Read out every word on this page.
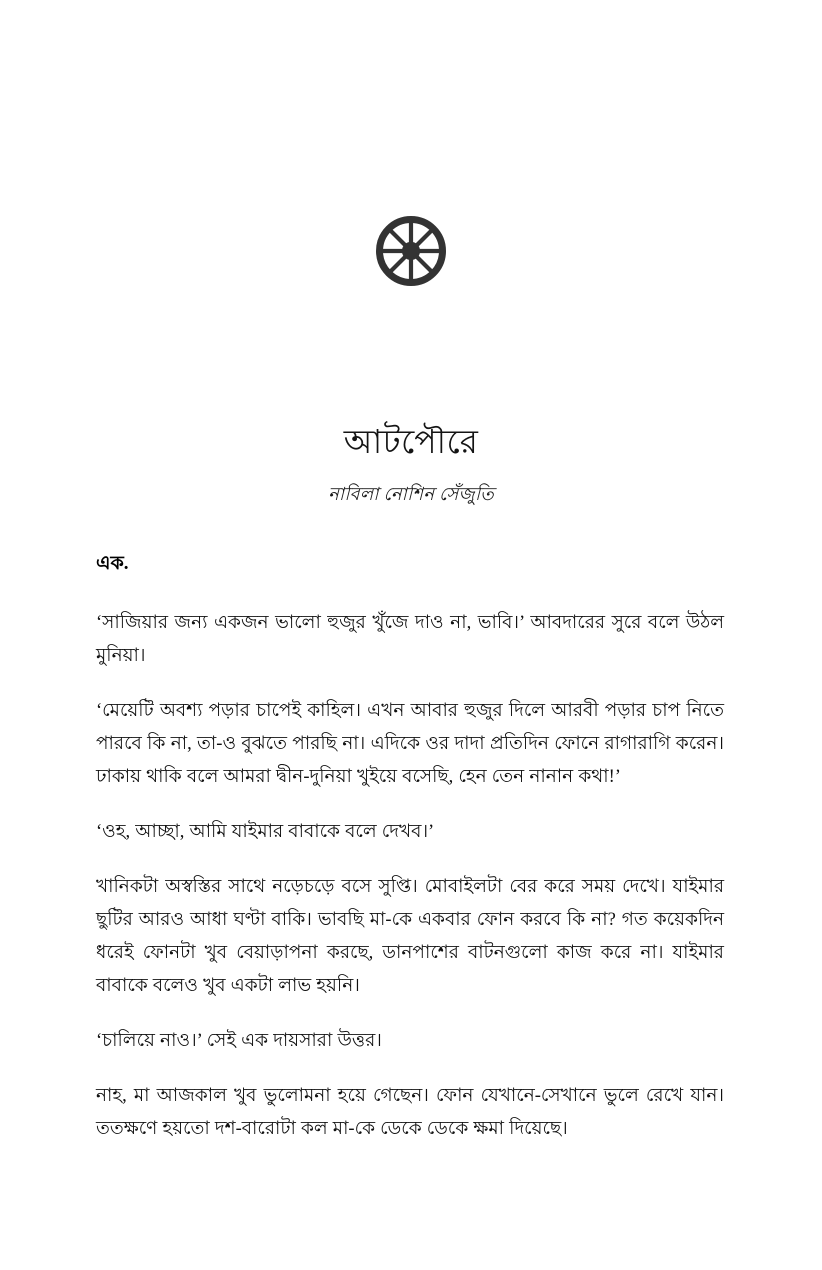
আটপৌরে

নাবিলা নোশিন সেঁজুতি

এক.

‘সাজিয়ার জন্য একজন ভালো হুজুর খুঁজে দাও না, ভাবি।’ আবদারের সুরে বলে উঠল মুনিয়া।

‘মেয়েটি অবশ্য পড়ার চাপেই কাহিল। এখন আবার হুজুর দিলে আরবী পড়ার চাপ নিতে পারবে কি না, তা-ও বুঝতে পারছি না। এদিকে ওর দাদা প্রতিদিন ফোনে রাগারাগি করেন। ঢাকায় থাকি বলে আমরা দ্বীন-দুনিয়া খুইয়ে বসেছি, হেন তেন নানান কথা!’

‘ওহ, আচ্ছা, আমি যাইমার বাবাকে বলে দেখব।’

খানিকটা অস্বস্তির সাথে নড়েচড়ে বসে সুপ্তি। মোবাইলটা বের করে সময় দেখে। যাইমার ছুটির আরও আধা ঘণ্টা বাকি। ভাবছি মা-কে একবার ফোন করবে কি না? গত কয়েকদিন ধরেই ফোনটা খুব বেয়াড়াপনা করছে, ডানপাশের বাটনগুলো কাজ করে না। যাইমার বাবাকে বলেও খুব একটা লাভ হয়নি।

‘চালিয়ে নাও।’ সেই এক দায়সারা উত্তর।

নাহ, মা আজকাল খুব ভুলোমনা হয়ে গেছেন। ফোন যেখানে-সেখানে ভুলে রেখে যান। ততক্ষণে হয়তো দশ-বারোটা কল মা-কে ডেকে ডেকে ক্ষমা দিয়েছে।
